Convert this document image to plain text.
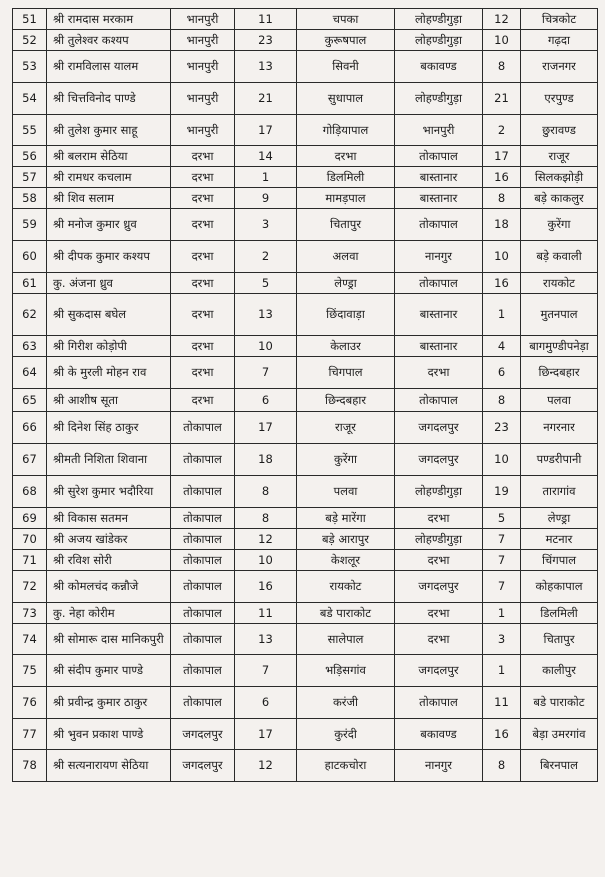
51	श्री रामदास मरकाम	भानपुरी	11	चपका	लोहण्डीगुड़ा	12	चित्रकोट
52	श्री तुलेश्वर कश्यप	भानपुरी	23	कुरूषपाल	लोहण्डीगुड़ा	10	गढ़दा
53	श्री रामविलास यालम	भानपुरी	13	सिवनी	बकावण्ड	8	राजनगर
54	श्री चित्तविनोद पाण्डे	भानपुरी	21	सुधापाल	लोहण्डीगुड़ा	21	एरपुण्ड
55	श्री तुलेश कुमार साहू	भानपुरी	17	गोड़ियापाल	भानपुरी	2	छुरावण्ड
56	श्री बलराम सेठिया	दरभा	14	दरभा	तोकापाल	17	राजूर
57	श्री रामधर कचलाम	दरभा	1	डिलमिली	बास्तानार	16	सिलकझोड़ी
58	श्री शिव सलाम	दरभा	9	मामड़पाल	बास्तानार	8	बड़े काकलुर
59	श्री मनोज कुमार ध्रुव	दरभा	3	चितापुर	तोकापाल	18	कुरेंगा
60	श्री दीपक कुमार कश्यप	दरभा	2	अलवा	नानगुर	10	बड़े कवाली
61	कु. अंजना ध्रुव	दरभा	5	लेण्ड्रा	तोकापाल	16	रायकोट
62	श्री सुकदास बघेल	दरभा	13	छिंदावाड़ा	बास्तानार	1	मुतनपाल
63	श्री गिरीश कोड़ोपी	दरभा	10	केलाउर	बास्तानार	4	बागमुण्डीपनेड़ा
64	श्री के मुरली मोहन राव	दरभा	7	चिगपाल	दरभा	6	छिन्दबहार
65	श्री आशीष सूता	दरभा	6	छिन्दबहार	तोकापाल	8	पलवा
66	श्री दिनेश सिंह ठाकुर	तोकापाल	17	राजूर	जगदलपुर	23	नगरनार
67	श्रीमती निशिता शिवाना	तोकापाल	18	कुरेंगा	जगदलपुर	10	पण्डरीपानी
68	श्री सुरेश कुमार भदौरिया	तोकापाल	8	पलवा	लोहण्डीगुड़ा	19	तारागांव
69	श्री विकास सतमन	तोकापाल	8	बड़े मारेंगा	दरभा	5	लेण्ड्रा
70	श्री अजय खांडेकर	तोकापाल	12	बड़े आरापुर	लोहण्डीगुड़ा	7	मटनार
71	श्री रविश सोरी	तोकापाल	10	केशलूर	दरभा	7	चिंगपाल
72	श्री कोमलचंद कन्नौजे	तोकापाल	16	रायकोट	जगदलपुर	7	कोहकापाल
73	कु. नेहा कोरीम	तोकापाल	11	बडे पाराकोट	दरभा	1	डिलमिली
74	श्री सोमारू दास मानिकपुरी	तोकापाल	13	सालेपाल	दरभा	3	चितापुर
75	श्री संदीप कुमार पाण्डे	तोकापाल	7	भड़िसगांव	जगदलपुर	1	कालीपुर
76	श्री प्रवीन्द्र कुमार ठाकुर	तोकापाल	6	करंजी	तोकापाल	11	बडे पाराकोट
77	श्री भुवन प्रकाश पाण्डे	जगदलपुर	17	कुरंदी	बकावण्ड	16	बेड़ा उमरगांव
78	श्री सत्यनारायण सेठिया	जगदलपुर	12	हाटकचोरा	नानगुर	8	बिरनपाल
